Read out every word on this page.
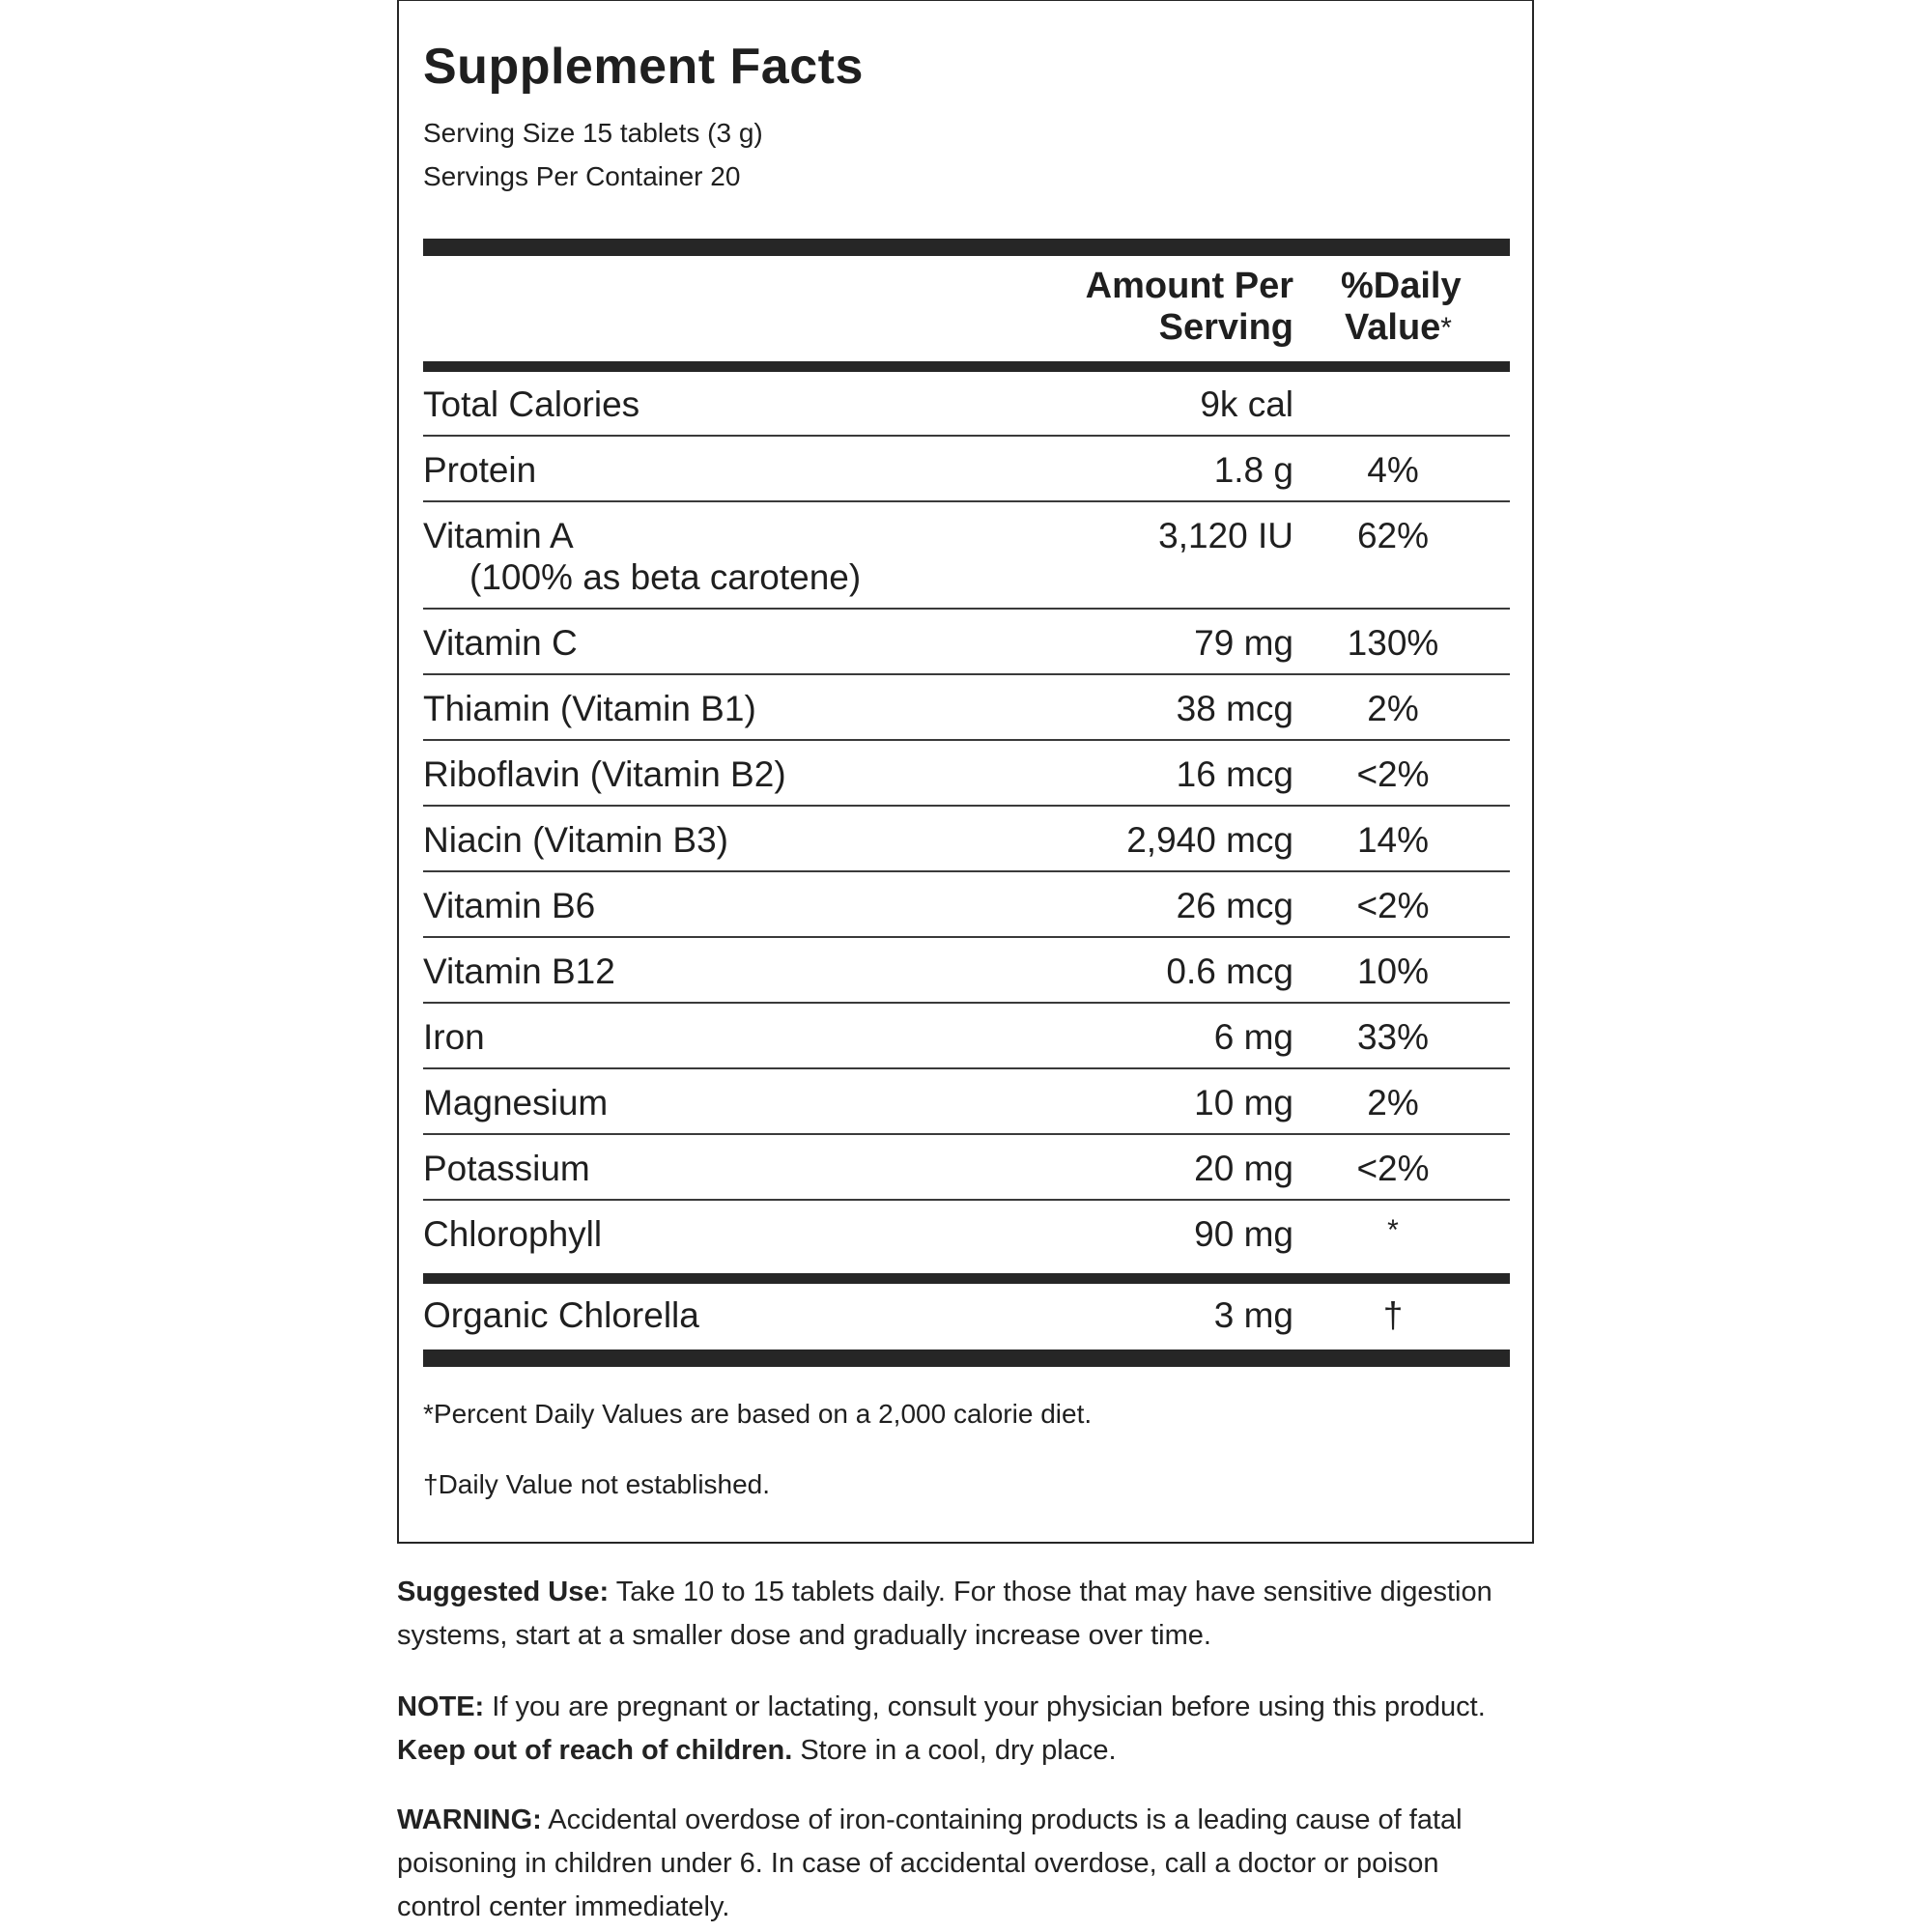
Supplement Facts
Serving Size 15 tablets (3 g)
Servings Per Container 20
Amount Per
Serving
%Daily
Value*
Total Calories	9k cal
Protein	1.8 g	4%
Vitamin A
(100% as beta carotene)
3,120 IU	62%
Vitamin C	79 mg 130%
Thiamin (Vitamin B1)	38 mcg	2%
Riboflavin (Vitamin B2)	16 mcg	<2%
Niacin (Vitamin B3)	2,940 mcg	14%
Vitamin B6	26 mcg	<2%
Vitamin B12	0.6 mcg	10%
Iron	6 mg	33%
Magnesium	10 mg	2%
Potassium	20 mg	<2%
Chlorophyll	90 mg	*
Organic Chlorella	3 mg	†
*Percent Daily Values are based on a 2,000 calorie diet.
†Daily Value not established.
Suggested Use: Take 10 to 15 tablets daily. For those that may have sensitive digestion systems, start at a smaller dose and gradually increase over time.
NOTE: If you are pregnant or lactating, consult your physician before using this product.
Keep out of reach of children. Store in a cool, dry place.
WARNING: Accidental overdose of iron-containing products is a leading cause of fatal poisoning in children under 6. In case of accidental overdose, call a doctor or poison control center immediately.
